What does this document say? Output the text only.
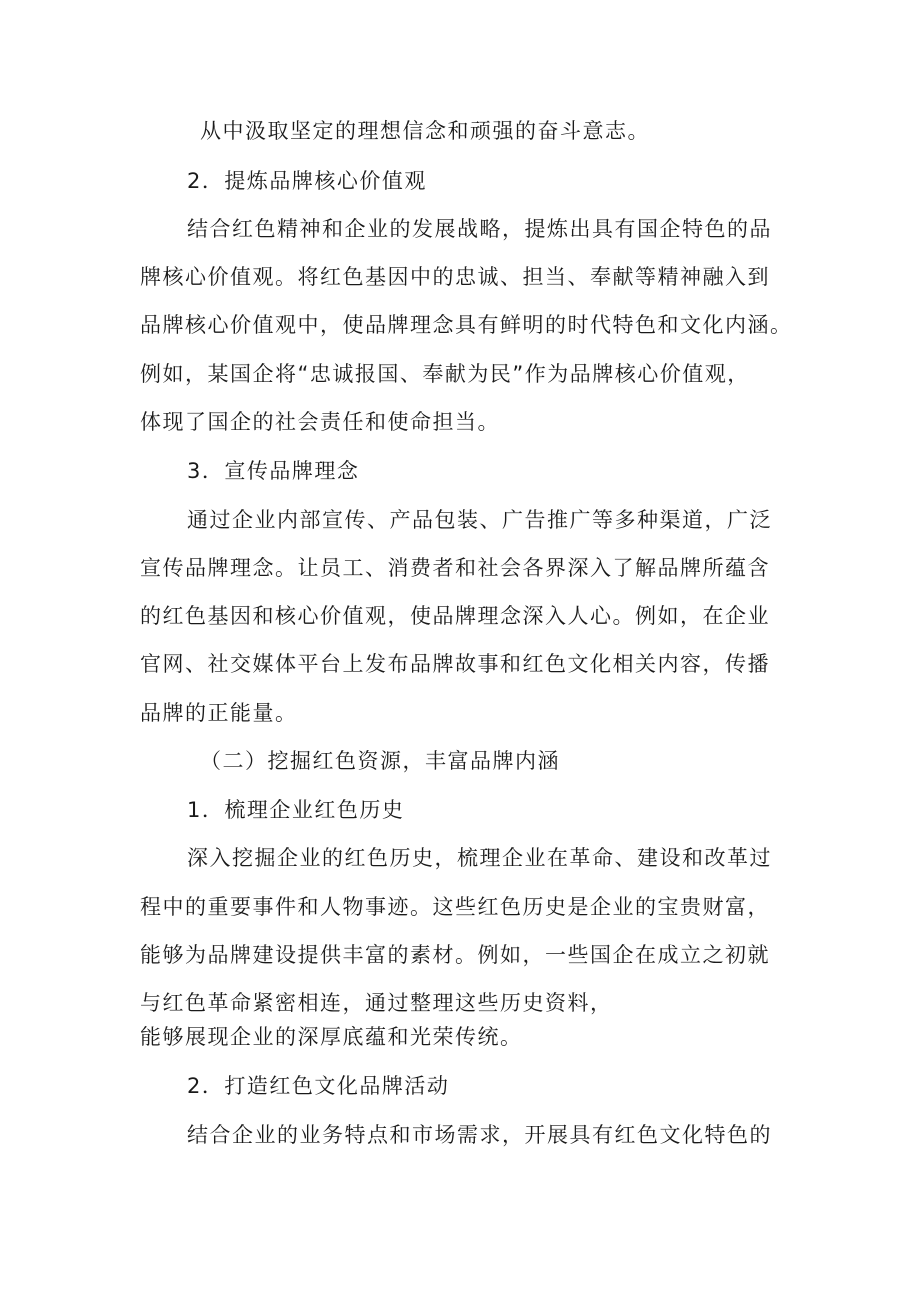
从中汲取坚定的理想信念和顽强的奋斗意志。
2．提炼品牌核心价值观
结合红色精神和企业的发展战略，提炼出具有国企特色的品
牌核心价值观。将红色基因中的忠诚、担当、奉献等精神融入到
品牌核心价值观中，使品牌理念具有鲜明的时代特色和文化内涵。
例如，某国企将“忠诚报国、奉献为民”作为品牌核心价值观，
体现了国企的社会责任和使命担当。
3．宣传品牌理念
通过企业内部宣传、产品包装、广告推广等多种渠道，广泛
宣传品牌理念。让员工、消费者和社会各界深入了解品牌所蕴含
的红色基因和核心价值观，使品牌理念深入人心。例如，在企业
官网、社交媒体平台上发布品牌故事和红色文化相关内容，传播
品牌的正能量。
（二）挖掘红色资源，丰富品牌内涵
1．梳理企业红色历史
深入挖掘企业的红色历史，梳理企业在革命、建设和改革过
程中的重要事件和人物事迹。这些红色历史是企业的宝贵财富，
能够为品牌建设提供丰富的素材。例如，一些国企在成立之初就
与红色革命紧密相连，通过整理这些历史资料，
能够展现企业的深厚底蕴和光荣传统。
2．打造红色文化品牌活动
结合企业的业务特点和市场需求，开展具有红色文化特色的
